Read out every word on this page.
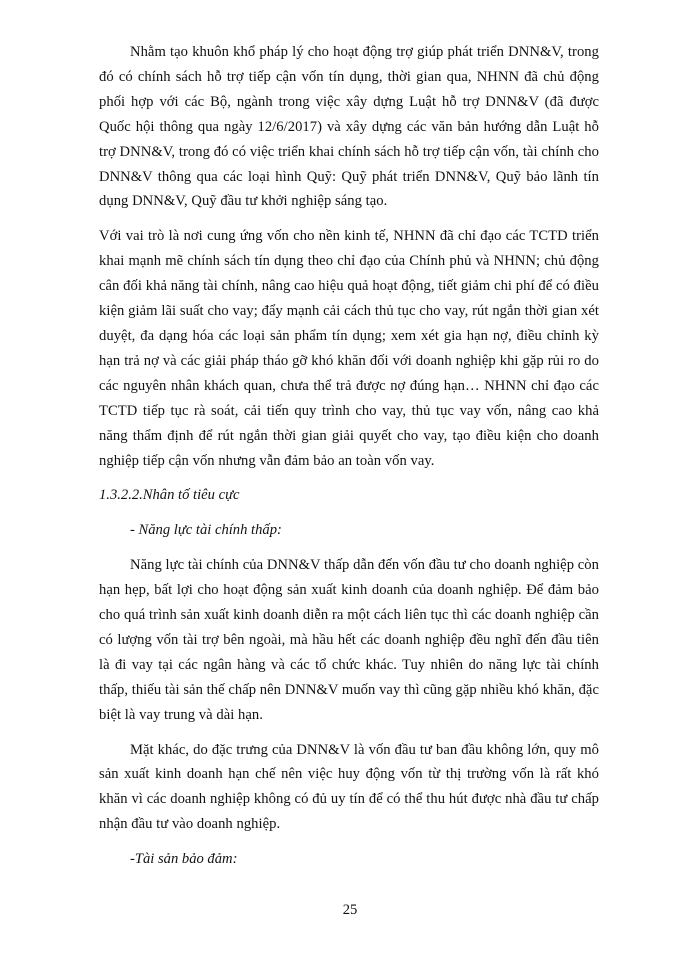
Nhằm tạo khuôn khổ pháp lý cho hoạt động trợ giúp phát triển DNN&V, trong đó có chính sách hỗ trợ tiếp cận vốn tín dụng, thời gian qua, NHNN đã chủ động phối hợp với các Bộ, ngành trong việc xây dựng Luật hỗ trợ DNN&V (đã được Quốc hội thông qua ngày 12/6/2017) và xây dựng các văn bản hướng dẫn Luật hỗ trợ DNN&V, trong đó có việc triển khai chính sách hỗ trợ tiếp cận vốn, tài chính cho DNN&V thông qua các loại hình Quỹ: Quỹ phát triển DNN&V, Quỹ bảo lãnh tín dụng DNN&V, Quỹ đầu tư khởi nghiệp sáng tạo.

Với vai trò là nơi cung ứng vốn cho nền kinh tế, NHNN đã chỉ đạo các TCTD triển khai mạnh mẽ chính sách tín dụng theo chỉ đạo của Chính phủ và NHNN; chủ động cân đối khả năng tài chính, nâng cao hiệu quả hoạt động, tiết giảm chi phí để có điều kiện giảm lãi suất cho vay; đẩy mạnh cải cách thủ tục cho vay, rút ngắn thời gian xét duyệt, đa dạng hóa các loại sản phẩm tín dụng; xem xét gia hạn nợ, điều chỉnh kỳ hạn trả nợ và các giải pháp tháo gỡ khó khăn đối với doanh nghiệp khi gặp rủi ro do các nguyên nhân khách quan, chưa thể trả được nợ đúng hạn… NHNN chỉ đạo các TCTD tiếp tục rà soát, cải tiến quy trình cho vay, thủ tục vay vốn, nâng cao khả năng thẩm định để rút ngắn thời gian giải quyết cho vay, tạo điều kiện cho doanh nghiệp tiếp cận vốn nhưng vẫn đảm bảo an toàn vốn vay.

1.3.2.2.Nhân tố tiêu cực

- Năng lực tài chính thấp:

Năng lực tài chính của DNN&V thấp dẫn đến vốn đầu tư cho doanh nghiệp còn hạn hẹp, bất lợi cho hoạt động sản xuất kinh doanh của doanh nghiệp. Để đảm bảo cho quá trình sản xuất kinh doanh diễn ra một cách liên tục thì các doanh nghiệp cần có lượng vốn tài trợ bên ngoài, mà hầu hết các doanh nghiệp đều nghĩ đến đầu tiên là đi vay tại các ngân hàng và các tổ chức khác. Tuy nhiên do năng lực tài chính thấp, thiếu tài sản thế chấp nên DNN&V muốn vay thì cũng gặp nhiều khó khăn, đặc biệt là vay trung và dài hạn.

Mặt khác, do đặc trưng của DNN&V là vốn đầu tư ban đầu không lớn, quy mô sản xuất kinh doanh hạn chế nên việc huy động vốn từ thị trường vốn là rất khó khăn vì các doanh nghiệp không có đủ uy tín để có thể thu hút được nhà đầu tư chấp nhận đầu tư vào doanh nghiệp.

-Tài sản bảo đảm:

25
